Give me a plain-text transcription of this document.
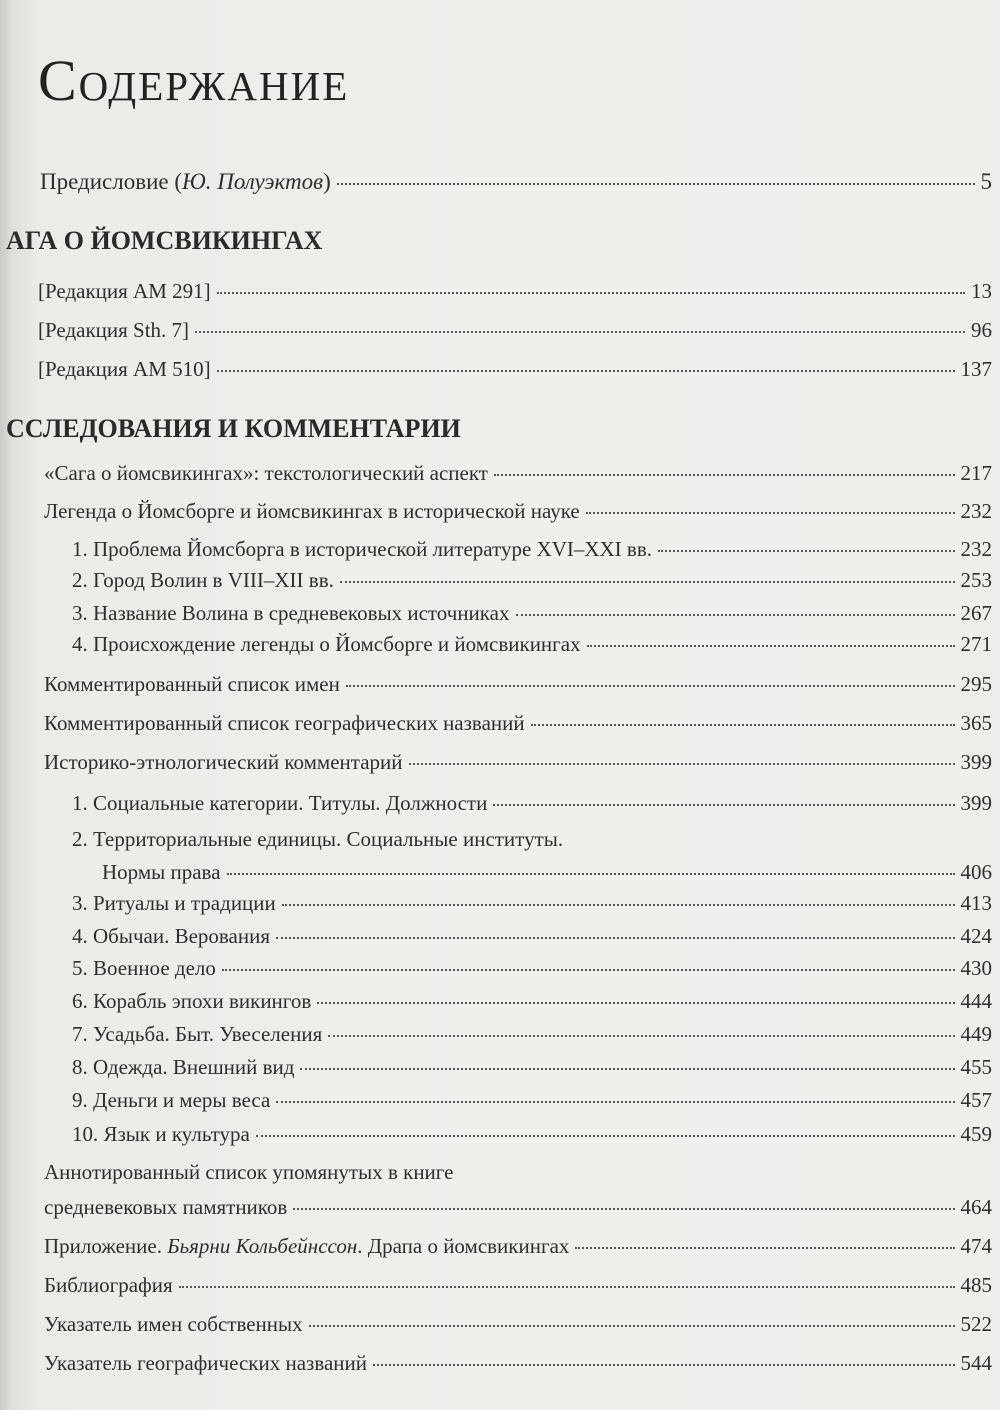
Содержание
Предисловие (Ю. Полуэктов)	5
АГА О ЙОМСВИКИНГАХ
[Редакция AM 291]	13
[Редакция Sth. 7]	96
[Редакция AM 510]	137
ССЛЕДОВАНИЯ И КОММЕНТАРИИ
«Сага о йомсвикингах»: текстологический аспект	217
Легенда о Йомсборге и йомсвикингах в исторической науке	232
1. Проблема Йомсборга в исторической литературе XVI–XXI вв.	232
2. Город Волин в VIII–XII вв.	253
3. Название Волина в средневековых источниках	267
4. Происхождение легенды о Йомсборге и йомсвикингах	271
Комментированный список имен	295
Комментированный список географических названий	365
Историко-этнологический комментарий	399
1. Социальные категории. Титулы. Должности	399
2. Территориальные единицы. Социальные институты.
Нормы права	406
3. Ритуалы и традиции	413
4. Обычаи. Верования	424
5. Военное дело	430
6. Корабль эпохи викингов	444
7. Усадьба. Быт. Увеселения	449
8. Одежда. Внешний вид	455
9. Деньги и меры веса	457
10. Язык и культура	459
Аннотированный список упомянутых в книге
средневековых памятников	464
Приложение. Бьярни Кольбейнссон. Драпа о йомсвикингах	474
Библиография	485
Указатель имен собственных	522
Указатель географических названий	544
